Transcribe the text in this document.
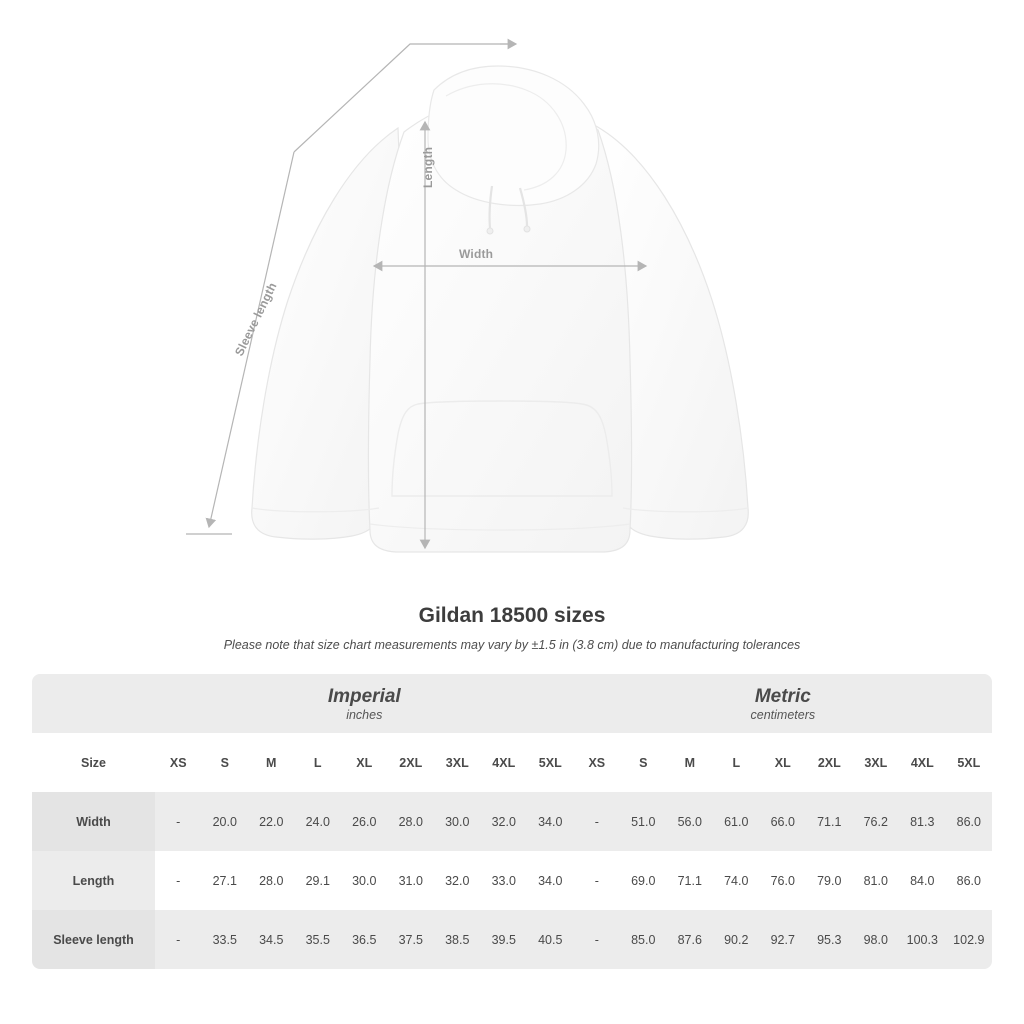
Length
Width
Sleeve length
Gildan 18500 sizes

Please note that size chart measurements may vary by ±1.5 in (3.8 cm) due to manufacturing tolerances

	Imperial
inches									Metric
centimeters								

Size	XS	S	M	L	XL	2XL	3XL	4XL	5XL	XS	S	M	L	XL	2XL	3XL	4XL	5XL
Width	-	20.0	22.0	24.0	26.0	28.0	30.0	32.0	34.0	-	51.0	56.0	61.0	66.0	71.1	76.2	81.3	86.0
Length	-	27.1	28.0	29.1	30.0	31.0	32.0	33.0	34.0	-	69.0	71.1	74.0	76.0	79.0	81.0	84.0	86.0
Sleeve length	-	33.5	34.5	35.5	36.5	37.5	38.5	39.5	40.5	-	85.0	87.6	90.2	92.7	95.3	98.0	100.3	102.9
